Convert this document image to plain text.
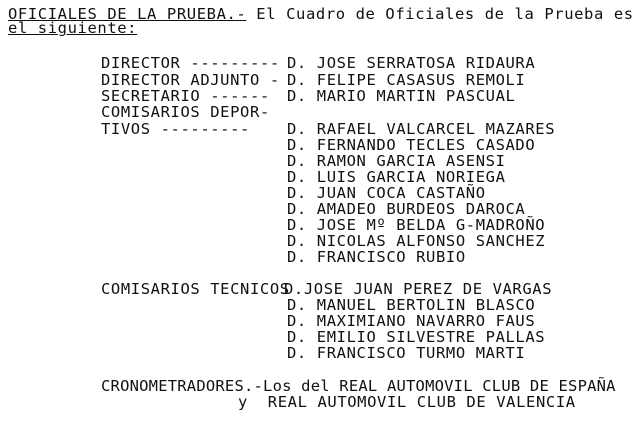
OFICIALES DE LA PRUEBA.- El Cuadro de Oficiales de la Prueba es
el siguiente:
DIRECTOR --------- D. JOSE SERRATOSA RIDAURA
DIRECTOR ADJUNTO - D. FELIPE CASASUS REMOLI
SECRETARIO ------ D. MARIO MARTIN PASCUAL
COMISARIOS DEPOR-
TIVOS --------- D. RAFAEL VALCARCEL MAZARES
D. FERNANDO TECLES CASADO
D. RAMON GARCIA ASENSI
D. LUIS GARCIA NORIEGA
D. JUAN COCA CASTAÑO
D. AMADEO BURDEOS DAROCA
D. JOSE Mº BELDA G-MADROÑO
D. NICOLAS ALFONSO SANCHEZ
D. FRANCISCO RUBIO
COMISARIOS TECNICOS
D.JOSE JUAN PEREZ DE VARGAS
D. MANUEL BERTOLIN BLASCO
D. MAXIMIANO NAVARRO FAUS
D. EMILIO SILVESTRE PALLAS
D. FRANCISCO TURMO MARTI
CRONOMETRADORES.-Los del REAL AUTOMOVIL CLUB DE ESPAÑA
y  REAL AUTOMOVIL CLUB DE VALENCIA
